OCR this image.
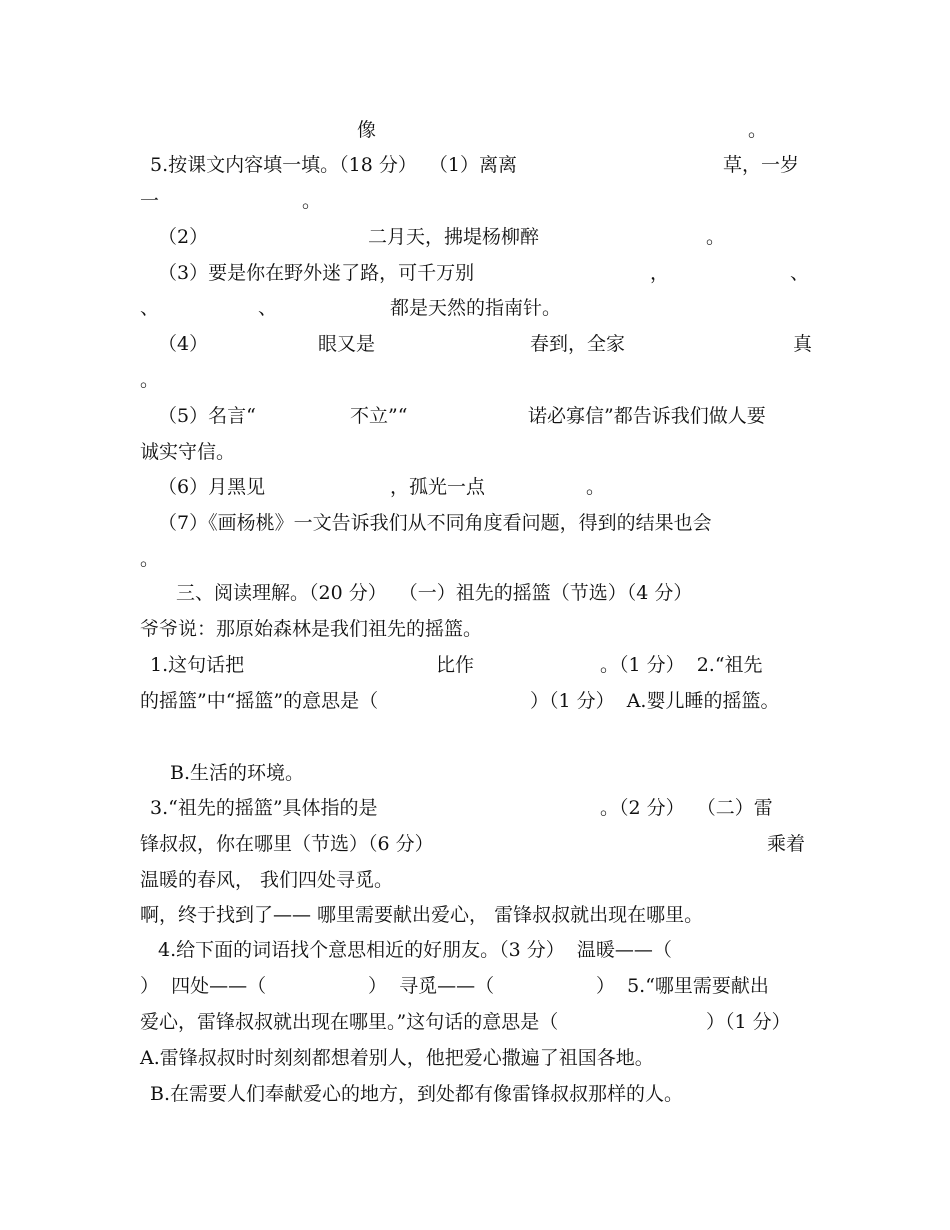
像	。
5.按课文内容填一填。（18 分）  （1）离离	草，一岁
一	。
（2）	二月天，拂堤杨柳醉	。
（3）要是你在野外迷了路，可千万别	，	、
、	、	都是天然的指南针。
（4）	眼又是	春到，全家	真
。
（5）名言“	不立”“	诺必寡信”都告诉我们做人要
诚实守信。
（6）月黑见	，孤光一点	。
（7）《画杨桃》一文告诉我们从不同角度看问题，得到的结果也会
。
三、阅读理解。（20 分）  （一）祖先的摇篮（节选）（4 分）
爷爷说：那原始森林是我们祖先的摇篮。
1.这句话把	比作	。（1 分）  2.“祖先
的摇篮”中“摇篮”的意思是（	）（1 分）  A.婴儿睡的摇篮。
B.生活的环境。
3.“祖先的摇篮”具体指的是	。（2 分）  （二）雷
锋叔叔，你在哪里（节选）（6 分）	乘着
温暖的春风， 我们四处寻觅。
啊，终于找到了—— 哪里需要献出爱心， 雷锋叔叔就出现在哪里。
4.给下面的词语找个意思相近的好朋友。（3 分）  温暖——（
）  四处——（	）  寻觅——（	）  5.“哪里需要献出
爱心，雷锋叔叔就出现在哪里。”这句话的意思是（	）（1 分）
A.雷锋叔叔时时刻刻都想着别人，他把爱心撒遍了祖国各地。
B.在需要人们奉献爱心的地方，到处都有像雷锋叔叔那样的人。
